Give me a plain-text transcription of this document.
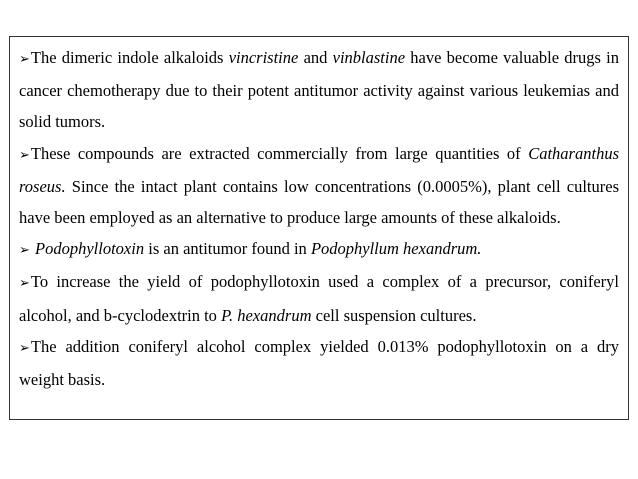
➢The dimeric indole alkaloids vincristine and vinblastine have become valuable drugs in cancer chemotherapy due to their potent antitumor activity against various leukemias and solid tumors.

➢These compounds are extracted commercially from large quantities of Catharanthus roseus. Since the intact plant contains low concentrations (0.0005%), plant cell cultures have been employed as an alternative to produce large amounts of these alkaloids.

➢ Podophyllotoxin is an antitumor found in Podophyllum hexandrum.

➢To increase the yield of podophyllotoxin used a complex of a precursor, coniferyl alcohol, and b-cyclodextrin to P. hexandrum cell suspension cultures.

➢The addition coniferyl alcohol complex yielded 0.013% podophyllotoxin on a dry weight basis.
